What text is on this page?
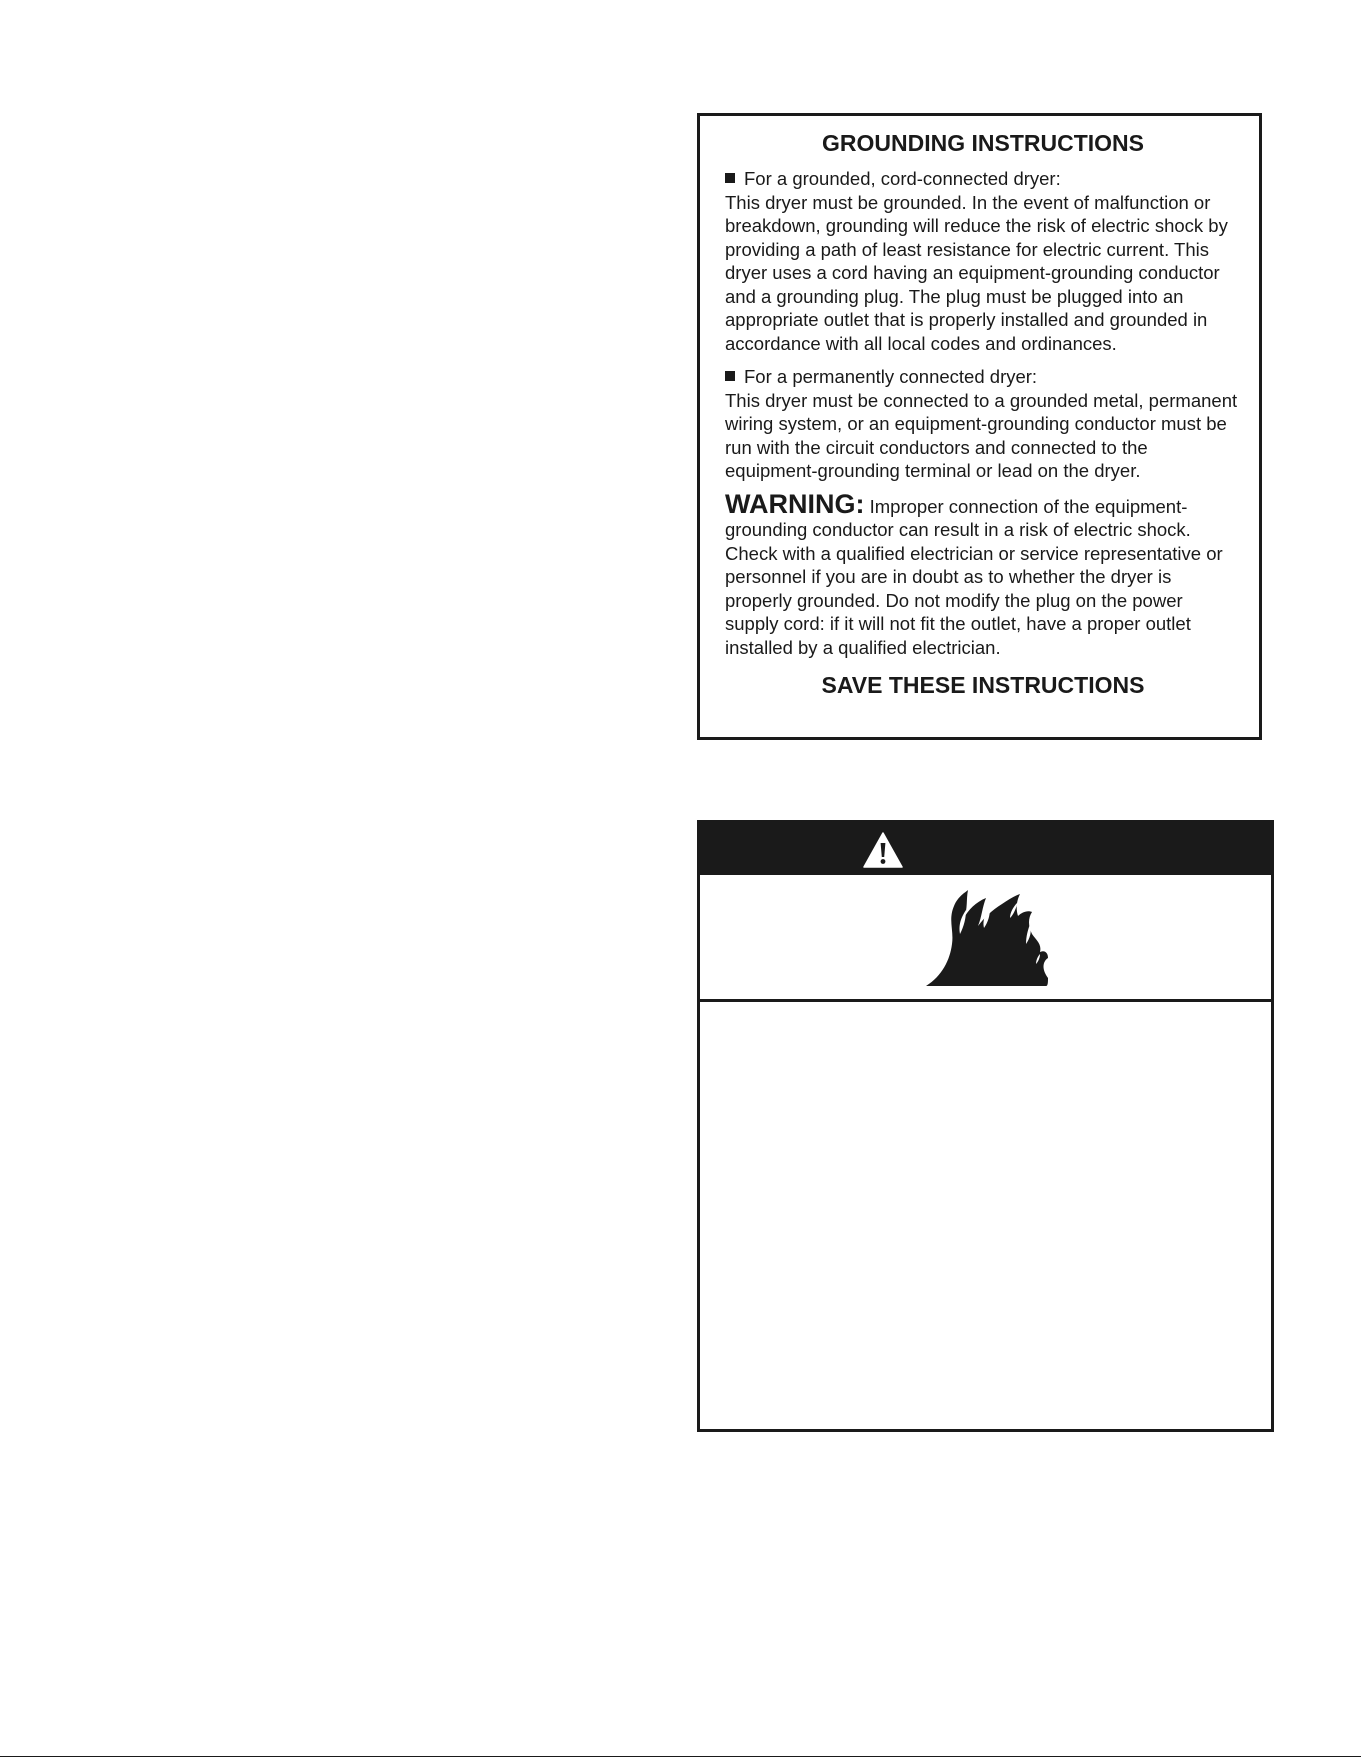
GROUNDING INSTRUCTIONS
For a grounded, cord-connected dryer:
This dryer must be grounded. In the event of malfunction or breakdown, grounding will reduce the risk of electric shock by providing a path of least resistance for electric current. This dryer uses a cord having an equipment-grounding conductor and a grounding plug. The plug must be plugged into an appropriate outlet that is properly installed and grounded in accordance with all local codes and ordinances.
For a permanently connected dryer:
This dryer must be connected to a grounded metal, permanent wiring system, or an equipment-grounding conductor must be run with the circuit conductors and connected to the equipment-grounding terminal or lead on the dryer.
WARNING: Improper connection of the equipment-grounding conductor can result in a risk of electric shock. Check with a qualified electrician or service representative or personnel if you are in doubt as to whether the dryer is properly grounded. Do not modify the plug on the power supply cord: if it will not fit the outlet, have a proper outlet installed by a qualified electrician.
SAVE THESE INSTRUCTIONS
